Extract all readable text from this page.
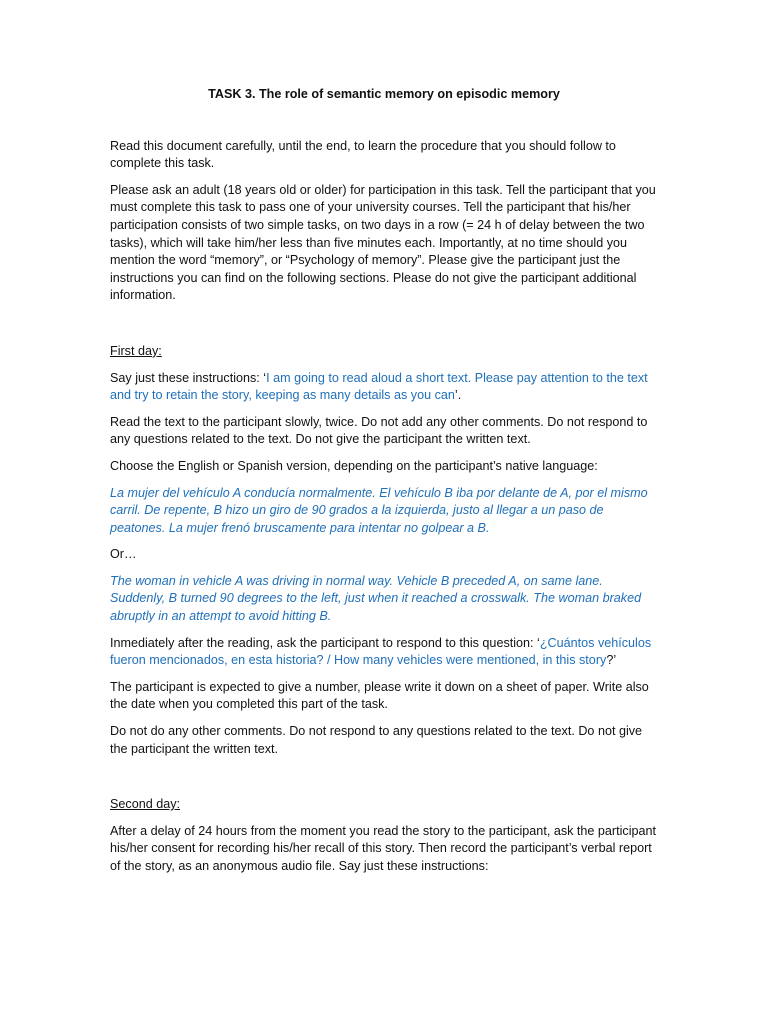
TASK 3. The role of semantic memory on episodic memory

Read this document carefully, until the end, to learn the procedure that you should follow to complete this task.

Please ask an adult (18 years old or older) for participation in this task. Tell the participant that you must complete this task to pass one of your university courses. Tell the participant that his/her participation consists of two simple tasks, on two days in a row (= 24 h of delay between the two tasks), which will take him/her less than five minutes each. Importantly, at no time should you mention the word “memory”, or “Psychology of memory”. Please give the participant just the instructions you can find on the following sections. Please do not give the participant additional information.

First day:

Say just these instructions: ‘I am going to read aloud a short text. Please pay attention to the text and try to retain the story, keeping as many details as you can’.

Read the text to the participant slowly, twice. Do not add any other comments. Do not respond to any questions related to the text. Do not give the participant the written text.

Choose the English or Spanish version, depending on the participant’s native language:

La mujer del vehículo A conducía normalmente. El vehículo B iba por delante de A, por el mismo carril. De repente, B hizo un giro de 90 grados a la izquierda, justo al llegar a un paso de peatones. La mujer frenó bruscamente para intentar no golpear a B.

Or…

The woman in vehicle A was driving in normal way. Vehicle B preceded A, on same lane. Suddenly, B turned 90 degrees to the left, just when it reached a crosswalk. The woman braked abruptly in an attempt to avoid hitting B.

Inmediately after the reading, ask the participant to respond to this question: ‘¿Cuántos vehículos fueron mencionados, en esta historia? / How many vehicles were mentioned, in this story?’

The participant is expected to give a number, please write it down on a sheet of paper. Write also the date when you completed this part of the task.

Do not do any other comments. Do not respond to any questions related to the text. Do not give the participant the written text.

Second day:

After a delay of 24 hours from the moment you read the story to the participant, ask the participant his/her consent for recording his/her recall of this story. Then record the participant’s verbal report of the story, as an anonymous audio file. Say just these instructions:
